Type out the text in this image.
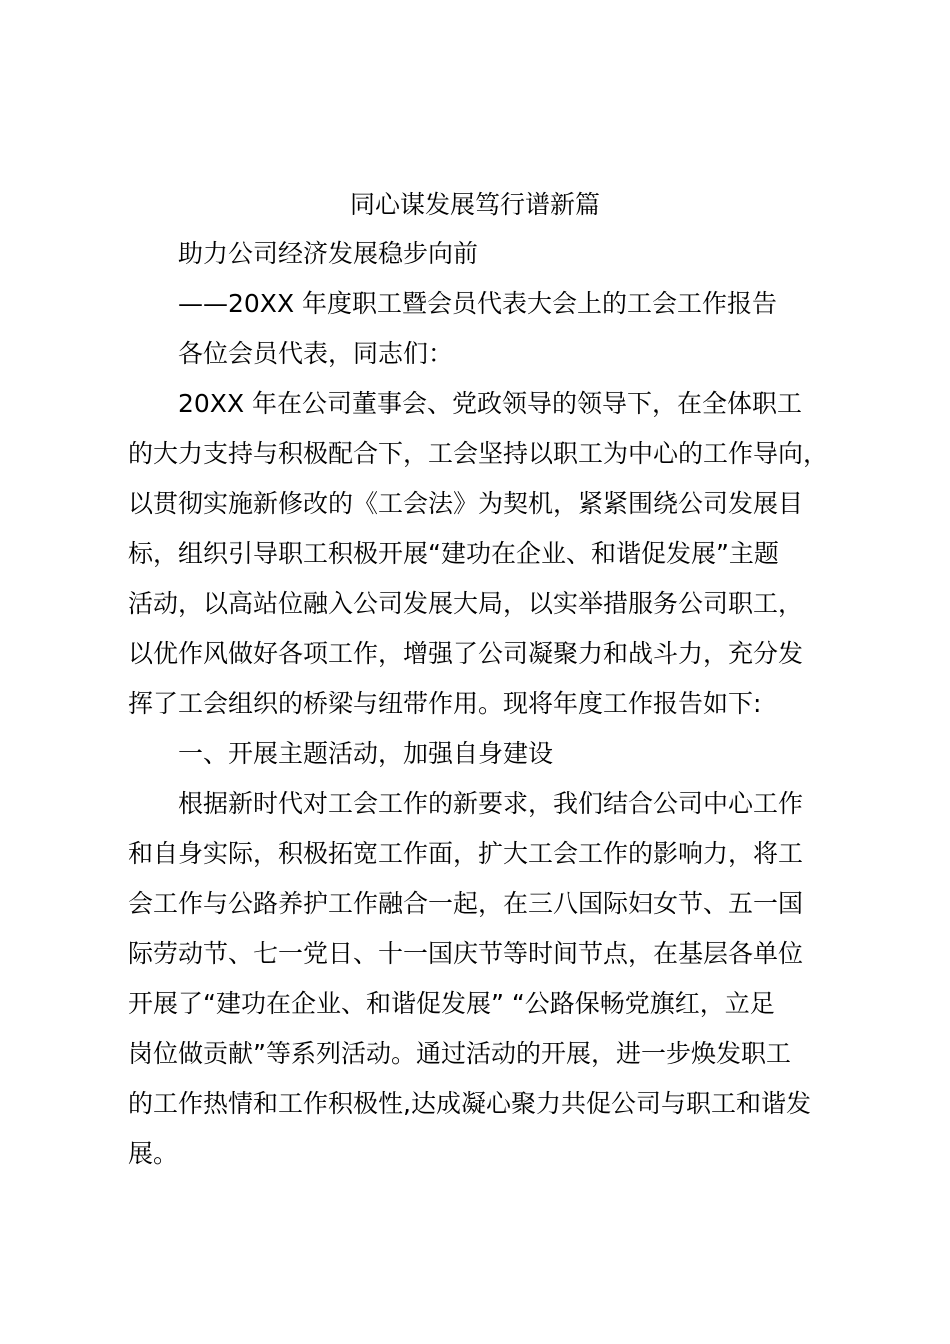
同心谋发展笃行谱新篇
助力公司经济发展稳步向前
——20XX 年度职工暨会员代表大会上的工会工作报告
各位会员代表，同志们：
20XX 年在公司董事会、党政领导的领导下，在全体职工
的大力支持与积极配合下，工会坚持以职工为中心的工作导向，
以贯彻实施新修改的《工会法》为契机，紧紧围绕公司发展目
标，组织引导职工积极开展“建功在企业、和谐促发展”主题
活动，以高站位融入公司发展大局，以实举措服务公司职工，
以优作风做好各项工作，增强了公司凝聚力和战斗力，充分发
挥了工会组织的桥梁与纽带作用。现将年度工作报告如下:
一、开展主题活动，加强自身建设
根据新时代对工会工作的新要求，我们结合公司中心工作
和自身实际，积极拓宽工作面，扩大工会工作的影响力，将工
会工作与公路养护工作融合一起，在三八国际妇女节、五一国
际劳动节、七一党日、十一国庆节等时间节点，在基层各单位
开展了“建功在企业、和谐促发展” “公路保畅党旗红，立足
岗位做贡献”等系列活动。通过活动的开展，进一步焕发职工
的工作热情和工作积极性,达成凝心聚力共促公司与职工和谐发
展。
